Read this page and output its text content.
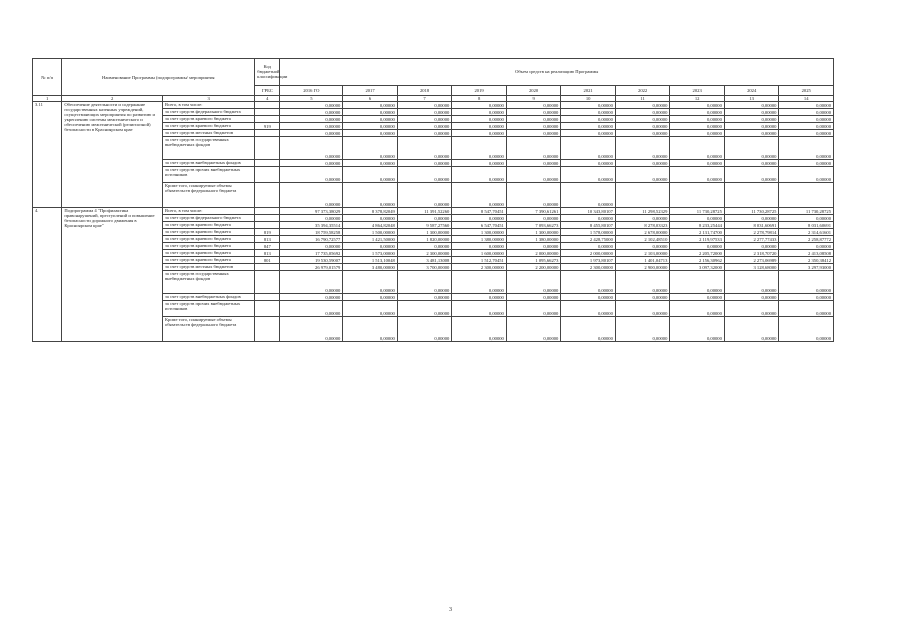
№ п/п	Наименование Программы (подпрограммы/ мероприятия		Код бюджетной классификации	Объем средств на реализацию Программы									
			ГРБС	2016 ГО	2017	2018	2019	2020	2021	2022	2023	2024	2025
1	2	3	4	5	6	7	8	9	10	11	12	13	14
3.11	Обеспечение деятельности и содержание государственных казенных учреждений, осуществляющих мероприятия по развитию и укреплению системы межэтнического и обеспечению межэтнической (религиозной) безопасности в Красноярском крае	Всего, в том числе:		0,00000	0,00000	0,00000	0,00000	0,00000	0,00000	0,00000	0,00000	0,00000	0,00000
		за счет средств федерального бюджета		0,00000	0,00000	0,00000	0,00000	0,00000	0,00000	0,00000	0,00000	0,00000	0,00000
		за счет средств краевого бюджета		0,00000	0,00000	0,00000	0,00000	0,00000	0,00000	0,00000	0,00000	0,00000	0,00000
		за счет средств краевого бюджета	919	0,00000	0,00000	0,00000	0,00000	0,00000	0,00000	0,00000	0,00000	0,00000	0,00000
		за счет средств местных бюджетов		0,00000	0,00000	0,00000	0,00000	0,00000	0,00000	0,00000	0,00000	0,00000	0,00000
		за счет средств государственных внебюджетных фондов		0,00000	0,00000	0,00000	0,00000	0,00000	0,00000	0,00000	0,00000	0,00000	0,00000
		за счет средств внебюджетных фондов		0,00000	0,00000	0,00000	0,00000	0,00000	0,00000	0,00000	0,00000	0,00000	0,00000
		за счет средств прочих внебюджетных источников		0,00000	0,00000	0,00000	0,00000	0,00000	0,00000	0,00000	0,00000	0,00000	0,00000
		Кроме того, планируемые объемы обязательств федерального бюджета		0,00000	0,00000	0,00000	0,00000	0,00000	0,00000				
4.	Подпрограмма 4 "Профилактика правонарушений, преступлений и повышение безопасности дорожного движения в Красноярском крае"	Всего, в том числе:		97 373,38029	8 378,82049	11 391,52260	8 547,70451	7 390,61261	10 343,80107	11 298,52329	11 730,28725	11 730,28725	11 730,28725
		за счет средств федерального бюджета		0,00000	0,00000	0,00000	0,00000	0,00000	0,00000	0,00000	0,00000	0,00000	0,00000
		за счет средств краевого бюджета		35 394,35514	4 864,82048	9 587,27560	6 547,70451	7 093,66273	8 455,80107	8 278,03323	8 233,25444	8 031,60691	8 031,60691
		за счет средств краевого бюджета	819	18 759,58258	1 500,00000	1 300,00000	1 300,00000	1 300,00000	1 578,00000	2 678,00000	2 131,74700	2 278,79814	2 314,61601
		за счет средств краевого бюджета	813	16 790,72577	1 421,50000	1 820,00000	1 380,00000	1 380,00000	2 428,75000	2 102,48510	2 119,97533	2 277,77433	2 258,87772
		за счет средств краевого бюджета	847	0,00000	0,00000	0,00000	0,00000	0,00000	0,00000	0,00000	0,00000	0,00000	0,00000
		за счет средств краевого бюджета	813	17 735,05692	1 573,00000	2 300,00000	1 600,00000	2 000,00000	2 000,00000	2 103,00000	2 205,72000	2 318,70720	2 413,08508
		за счет средств краевого бюджета	801	19 530,59007	1 513,10048	3 481,13008	1 512,70451	1 095,66273	1 973,80107	1 401,04713	2 156,30962	2 273,06989	2 350,38412
		за счет средств местных бюджетов		26 979,01579	3 480,00000	3 700,00000	2 300,00000	2 200,00000	2 300,00000	2 900,00000	3 097,32000	3 128,68000	3 297,93000
		за счет средств государственных внебюджетных фондов		0,00000	0,00000	0,00000	0,00000	0,00000	0,00000	0,00000	0,00000	0,00000	0,00000
		за счет средств внебюджетных фондов		0,00000	0,00000	0,00000	0,00000	0,00000	0,00000	0,00000	0,00000	0,00000	0,00000
		за счет средств прочих внебюджетных источников		0,00000	0,00000	0,00000	0,00000	0,00000	0,00000	0,00000	0,00000	0,00000	0,00000
		Кроме того, планируемые объемы обязательств федерального бюджета		0,00000	0,00000	0,00000	0,00000	0,00000	0,00000	0,00000	0,00000	0,00000	0,00000
3
